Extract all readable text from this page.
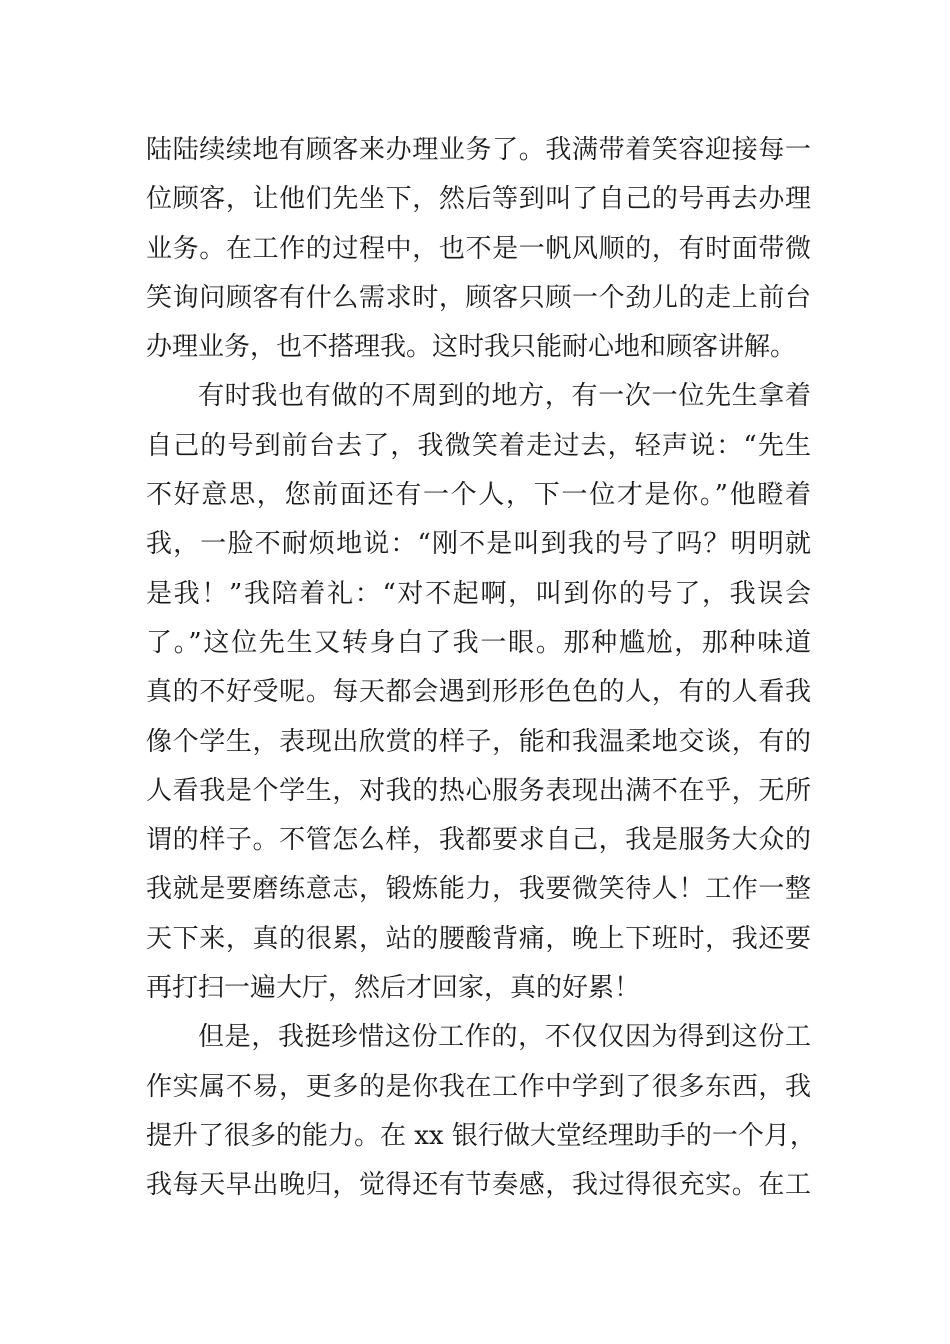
陆陆续续地有顾客来办理业务了。我满带着笑容迎接每一
位顾客，让他们先坐下，然后等到叫了自己的号再去办理
业务。在工作的过程中，也不是一帆风顺的，有时面带微
笑询问顾客有什么需求时，顾客只顾一个劲儿的走上前台
办理业务，也不搭理我。这时我只能耐心地和顾客讲解。
有时我也有做的不周到的地方，有一次一位先生拿着
自己的号到前台去了，我微笑着走过去，轻声说：“先生
不好意思，您前面还有一个人，下一位才是你。”他瞪着
我，一脸不耐烦地说：“刚不是叫到我的号了吗？明明就
是我！”我陪着礼：“对不起啊，叫到你的号了，我误会
了。”这位先生又转身白了我一眼。那种尴尬，那种味道
真的不好受呢。每天都会遇到形形色色的人，有的人看我
像个学生，表现出欣赏的样子，能和我温柔地交谈，有的
人看我是个学生，对我的热心服务表现出满不在乎，无所
谓的样子。不管怎么样，我都要求自己，我是服务大众的
我就是要磨练意志，锻炼能力，我要微笑待人！工作一整
天下来，真的很累，站的腰酸背痛，晚上下班时，我还要
再打扫一遍大厅，然后才回家，真的好累！
但是，我挺珍惜这份工作的，不仅仅因为得到这份工
作实属不易，更多的是你我在工作中学到了很多东西，我
提升了很多的能力。在 xx 银行做大堂经理助手的一个月，
我每天早出晚归，觉得还有节奏感，我过得很充实。在工
